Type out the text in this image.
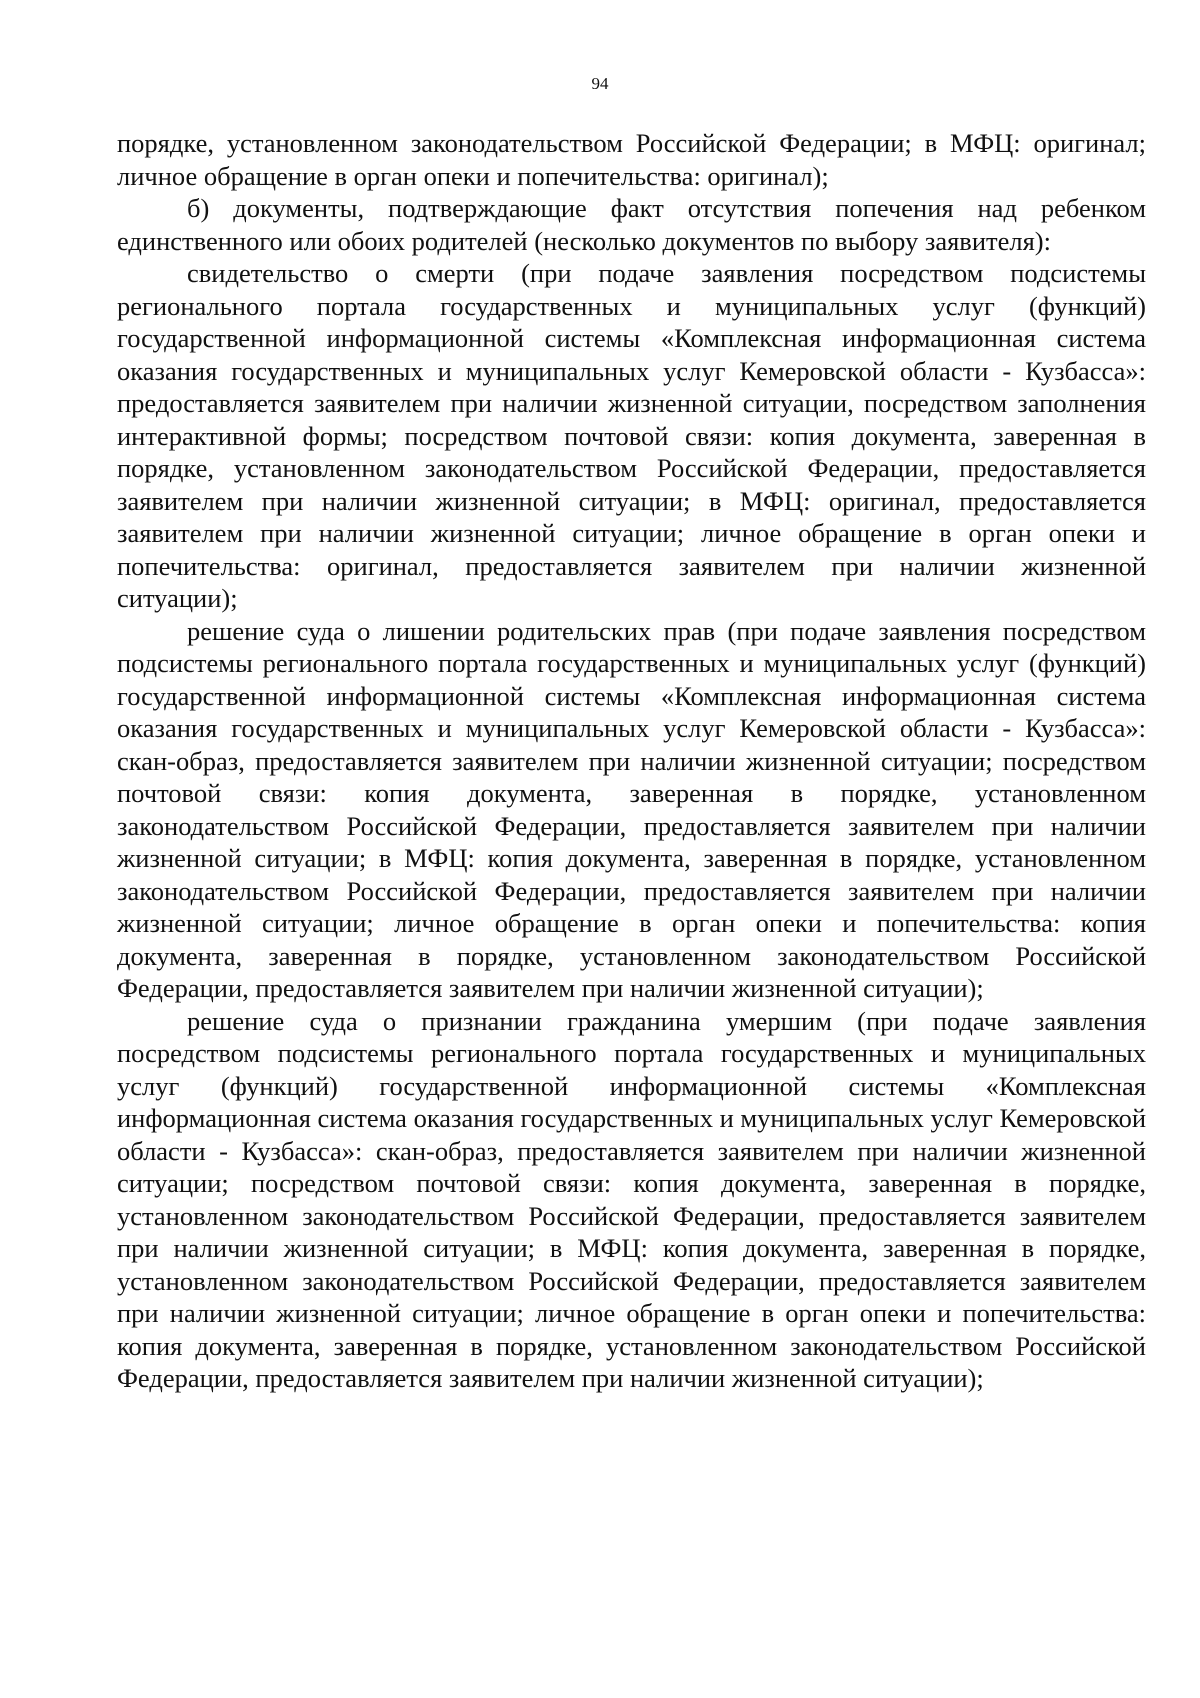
94

порядке, установленном законодательством Российской Федерации; в МФЦ: оригинал; личное обращение в орган опеки и попечительства: оригинал);

б) документы, подтверждающие факт отсутствия попечения над ребенком единственного или обоих родителей (несколько документов по выбору заявителя):

свидетельство о смерти (при подаче заявления посредством подсистемы регионального портала государственных и муниципальных услуг (функций) государственной информационной системы «Комплексная информационная система оказания государственных и муниципальных услуг Кемеровской области - Кузбасса»: предоставляется заявителем при наличии жизненной ситуации, посредством заполнения интерактивной формы; посредством почтовой связи: копия документа, заверенная в порядке, установленном законодательством Российской Федерации, предоставляется заявителем при наличии жизненной ситуации; в МФЦ: оригинал, предоставляется заявителем при наличии жизненной ситуации; личное обращение в орган опеки и попечительства: оригинал, предоставляется заявителем при наличии жизненной ситуации);

решение суда о лишении родительских прав (при подаче заявления посредством подсистемы регионального портала государственных и муниципальных услуг (функций) государственной информационной системы «Комплексная информационная система оказания государственных и муниципальных услуг Кемеровской области - Кузбасса»: скан-образ, предоставляется заявителем при наличии жизненной ситуации; посредством почтовой связи: копия документа, заверенная в порядке, установленном законодательством Российской Федерации, предоставляется заявителем при наличии жизненной ситуации; в МФЦ: копия документа, заверенная в порядке, установленном законодательством Российской Федерации, предоставляется заявителем при наличии жизненной ситуации; личное обращение в орган опеки и попечительства: копия документа, заверенная в порядке, установленном законодательством Российской Федерации, предоставляется заявителем при наличии жизненной ситуации);

решение суда о признании гражданина умершим (при подаче заявления посредством подсистемы регионального портала государственных и муниципальных услуг (функций) государственной информационной системы «Комплексная информационная система оказания государственных и муниципальных услуг Кемеровской области - Кузбасса»: скан-образ, предоставляется заявителем при наличии жизненной ситуации; посредством почтовой связи: копия документа, заверенная в порядке, установленном законодательством Российской Федерации, предоставляется заявителем при наличии жизненной ситуации; в МФЦ: копия документа, заверенная в порядке, установленном законодательством Российской Федерации, предоставляется заявителем при наличии жизненной ситуации; личное обращение в орган опеки и попечительства: копия документа, заверенная в порядке, установленном законодательством Российской Федерации, предоставляется заявителем при наличии жизненной ситуации);
